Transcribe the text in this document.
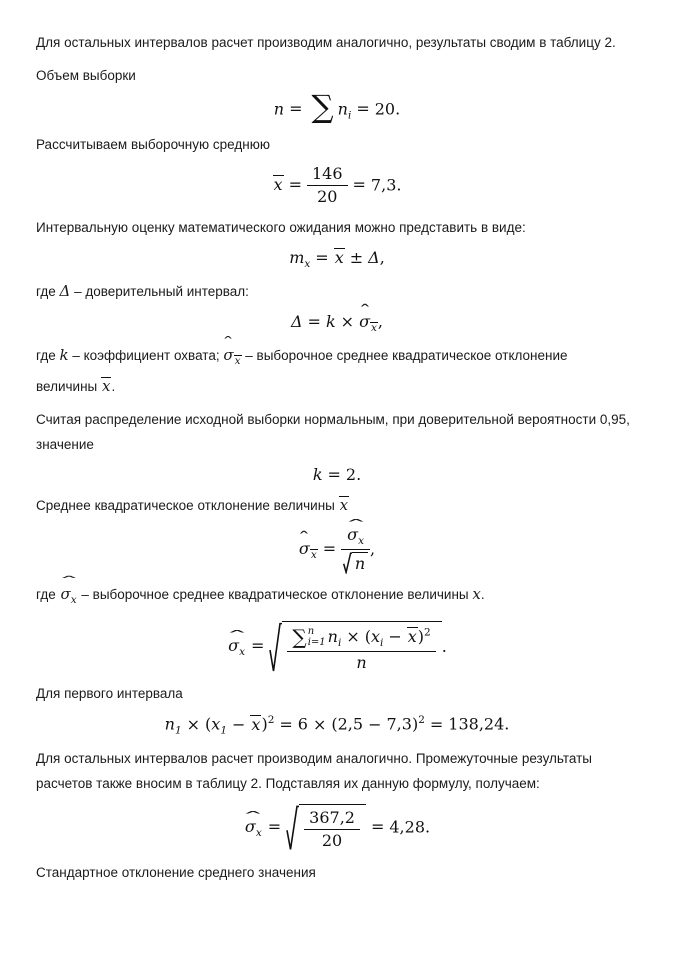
Для остальных интервалов расчет производим аналогично, результаты сводим в таблицу 2.

Объем выборки

n = ∑ $n_i = 20$.

Рассчитываем выборочную среднюю

$x = \frac{146}{20} = 7,3$.

Интервальную оценку математического ожидания можно представить в виде:

$m_x = x \pm \Delta$,

где Δ – доверительный интервал:

Δ = k × σ ˆ$_x$,

где k – коэффициент охвата; σ ˆ$_x$ – выборочное среднее квадратическое отклонение
величины x.

Считая распределение исходной выборки нормальным, при доверительной вероятности 0,95, значение

k = 2.

Среднее квадратическое отклонение величины x

σ ˆ$_x$ = $\frac{\sigma_x ˆ}{n}$ ,

где $\sigma_x$ ˆ – выборочное среднее квадратическое отклонение величины x.

$\sigma_x$ ˆ = ∑ n
i=1 $n_i \times (x_i - x)^2$
n .

Для первого интервала

$n_1 \times (x_1 - x)^2 = 6 \times (2,5 - 7,3)^2 = 138,24$.

Для остальных интервалов расчет производим аналогично. Промежуточные результаты расчетов также вносим в таблицу 2. Подставляя их данную формулу, получаем:

$\sigma_x$ ˆ = $\frac{367,2}{20} = 4,28$.

Стандартное отклонение среднего значения
